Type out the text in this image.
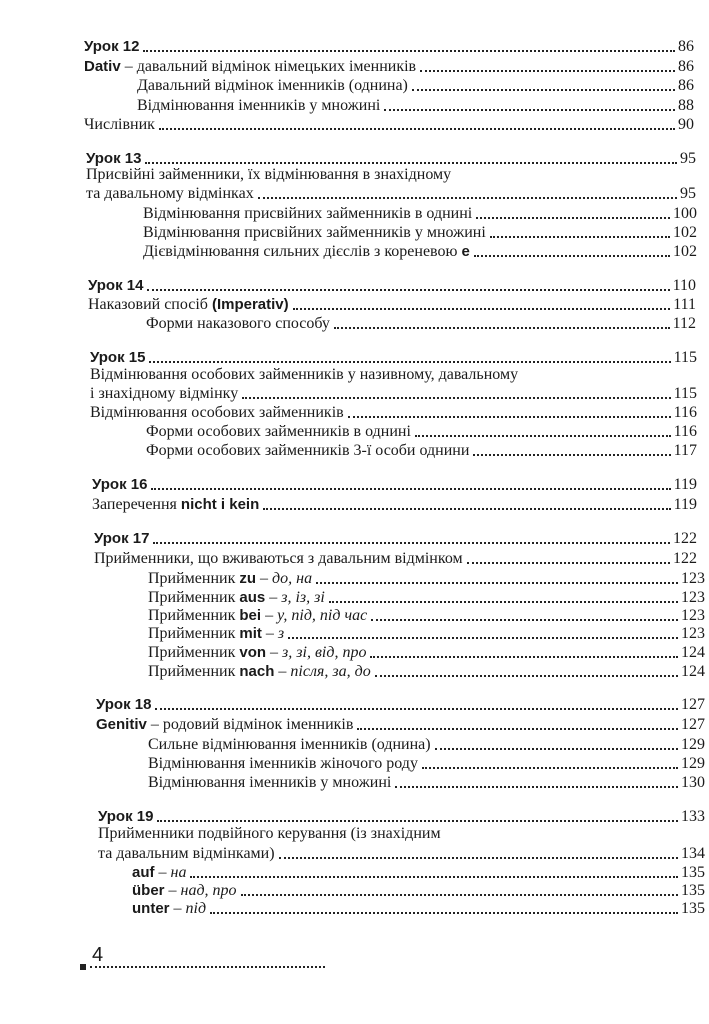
Урок 12	86
Dativ – давальний відмінок німецьких іменників	86
Давальний відмінок іменників (однина)	86
Відмінювання іменників у множині	88
Числівник	90
Урок 13	95
Присвійні займенники, їх відмінювання в знахідному
та давальному відмінках	95
Відмінювання присвійних займенників в однині	100
Відмінювання присвійних займенників у множині	102
Дієвідмінювання сильних дієслів з кореневою е	102
Урок 14	110
Наказовий спосіб (Imperativ)	111
Форми наказового способу	112
Урок 15	115
Відмінювання особових займенників у називному, давальному
і знахідному відмінку	115
Відмінювання особових займенників	116
Форми особових займенників в однині	116
Форми особових займенників 3-ї особи однини	117
Урок 16	119
Заперечення nicht і kein	119
Урок 17	122
Прийменники, що вживаються з давальним відмінком	122
Прийменник zu – до, на	123
Прийменник aus – з, із, зі	123
Прийменник bei – у, під, під час	123
Прийменник mit – з	123
Прийменник von – з, зі, від, про	124
Прийменник nach – після, за, до	124
Урок 18	127
Genitiv – родовий відмінок іменників	127
Сильне відмінювання іменників (однина)	129
Відмінювання іменників жіночого роду	129
Відмінювання іменників у множині	130
Урок 19	133
Прийменники подвійного керування (із знахідним
та давальним відмінками)	134
auf – на	135
über – над, про	135
unter – під	135
4
